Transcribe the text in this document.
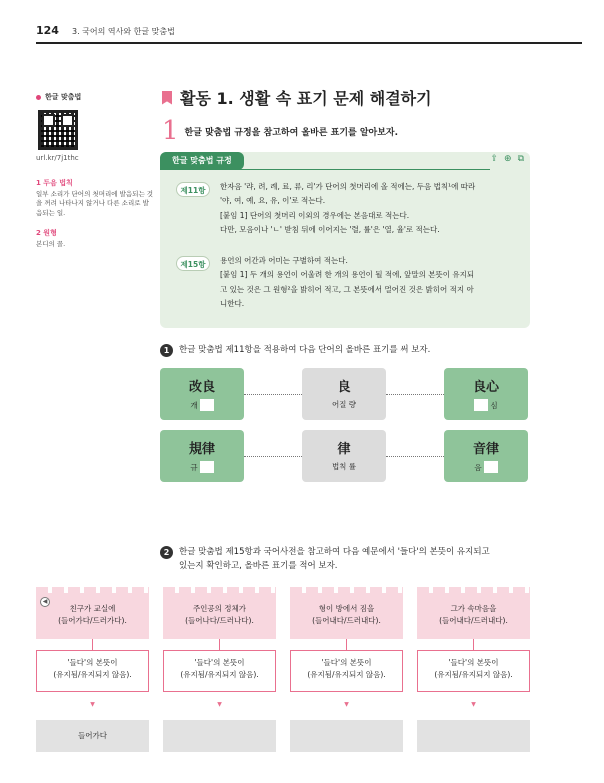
124 3. 국어의 역사와 한글 맞춤법
한글 맞춤법
url.kr/7j1thc
1 두음 법칙
일부 소리가 단어의 첫머리에 발음되는 것을 꺼려 나타나지 않거나 다른 소리로 발음되는 일.
2 원형
본디의 꼴.
활동 1. 생활 속 표기 문제 해결하기
1 한글 맞춤법 규정을 참고하여 올바른 표기를 알아보자.
한글 맞춤법 규정	⇪ ⊕ ⧉
제11항	한자음 '랴, 려, 례, 료, 류, 리'가 단어의 첫머리에 올 적에는, 두음 법칙¹에 따라

'야, 여, 예, 요, 유, 이'로 적는다.

[붙임 1] 단어의 첫머리 이외의 경우에는 본음대로 적는다.

다만, 모음이나 'ㄴ' 받침 뒤에 이어지는 '렬, 률'은 '열, 율'로 적는다.

제15항	용언의 어간과 어미는 구별하여 적는다.

[붙임 1] 두 개의 용언이 어울려 한 개의 용언이 될 적에, 앞말의 본뜻이 유지되

고 있는 것은 그 원형²을 밝히어 적고, 그 본뜻에서 멀어진 것은 밝히어 적지 아

니한다.

1	한글 맞춤법 제11항을 적용하여 다음 단어의 올바른 표기를 써 보자.
改良
개
良
어질 량
良心
심
規律
규
律
법칙 률
音律
음
2	한글 맞춤법 제15항과 국어사전을 참고하여 다음 예문에서 '들다'의 본뜻이 유지되고
있는지 확인하고, 올바른 표기를 적어 보자.
◀
친구가 교실에
(들어가다/드러가다).
주인공의 정체가
(들어나다/드러나다).
형이 방에서 짐을
(들어내다/드러내다).
그가 속마음을
(들어내다/드러내다).
'들다'의 본뜻이
(유지됨/유지되지 않음).
'들다'의 본뜻이
(유지됨/유지되지 않음).
'들다'의 본뜻이
(유지됨/유지되지 않음).
'들다'의 본뜻이
(유지됨/유지되지 않음).
▼	▼	▼	▼
들어가다
